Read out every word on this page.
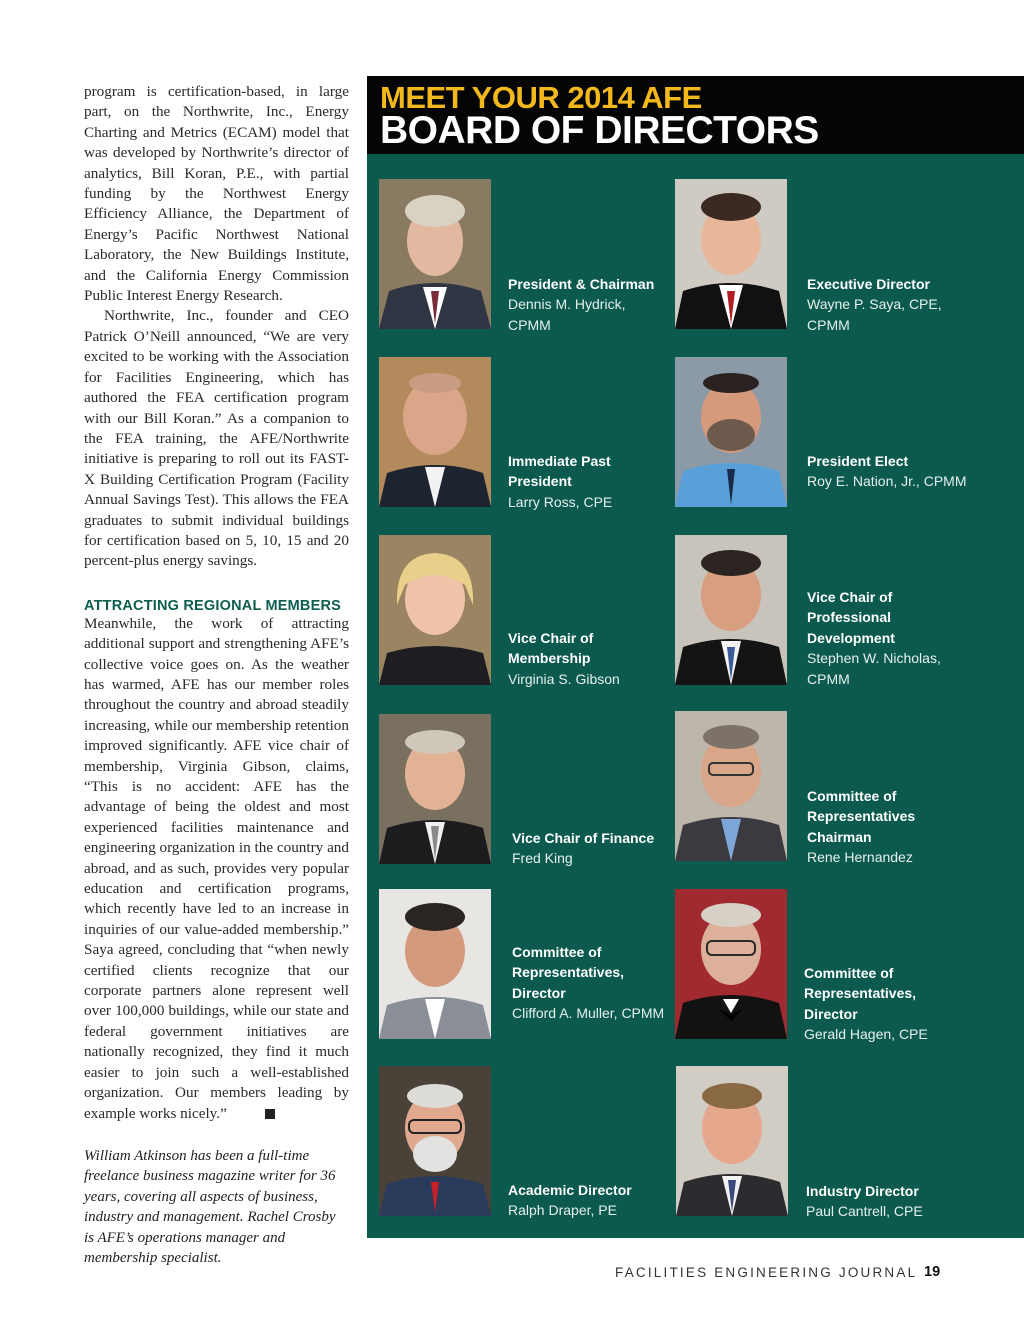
program is certification-based, in large part, on the Northwrite, Inc., Energy Charting and Metrics (ECAM) model that was developed by Northwrite’s director of analytics, Bill Koran, P.E., with partial funding by the Northwest Energy Efficiency Alliance, the Department of Energy’s Pacific Northwest National Laboratory, the New Buildings Institute, and the California Energy Commission Public Interest Energy Research.

Northwrite, Inc., founder and CEO Patrick O’Neill announced, “We are very excited to be working with the Association for Facilities Engineering, which has authored the FEA certification program with our Bill Koran.” As a companion to the FEA training, the AFE/Northwrite initiative is preparing to roll out its FAST-X Building Certification Program (Facility Annual Savings Test). This allows the FEA graduates to submit individual buildings for certification based on 5, 10, 15 and 20 percent-plus energy savings.

ATTRACTING REGIONAL MEMBERS

Meanwhile, the work of attracting additional support and strengthening AFE’s collective voice goes on. As the weather has warmed, AFE has our member roles throughout the country and abroad steadily increasing, while our membership retention improved significantly. AFE vice chair of membership, Virginia Gibson, claims, “This is no accident: AFE has the advantage of being the oldest and most experienced facilities maintenance and engineering organization in the country and abroad, and as such, provides very popular education and certification programs, which recently have led to an increase in inquiries of our value-added membership.” Saya agreed, concluding that “when newly certified clients recognize that our corporate partners alone represent well over 100,000 buildings, while our state and federal government initiatives are nationally recognized, they find it much easier to join such a well-established organization. Our members leading by example works nicely.”

William Atkinson has been a full-time freelance business magazine writer for 36 years, covering all aspects of business, industry and management. Rachel Crosby is AFE’s operations manager and membership specialist.

MEET YOUR 2014 AFE
BOARD OF DIRECTORS
President & Chairman
Dennis M. Hydrick, CPMM
Executive Director
Wayne P. Saya, CPE, CPMM
Immediate Past President
Larry Ross, CPE
President Elect
Roy E. Nation, Jr., CPMM
Vice Chair of Membership
Virginia S. Gibson
Vice Chair of Professional Development
Stephen W. Nicholas, CPMM
Vice Chair of Finance
Fred King
Committee of Representatives Chairman
Rene Hernandez
Committee of Representatives, Director
Clifford A. Muller, CPMM
Committee of Representatives, Director
Gerald Hagen, CPE
Academic Director
Ralph Draper, PE
Industry Director
Paul Cantrell, CPE
FACILITIES ENGINEERING JOURNAL 19
